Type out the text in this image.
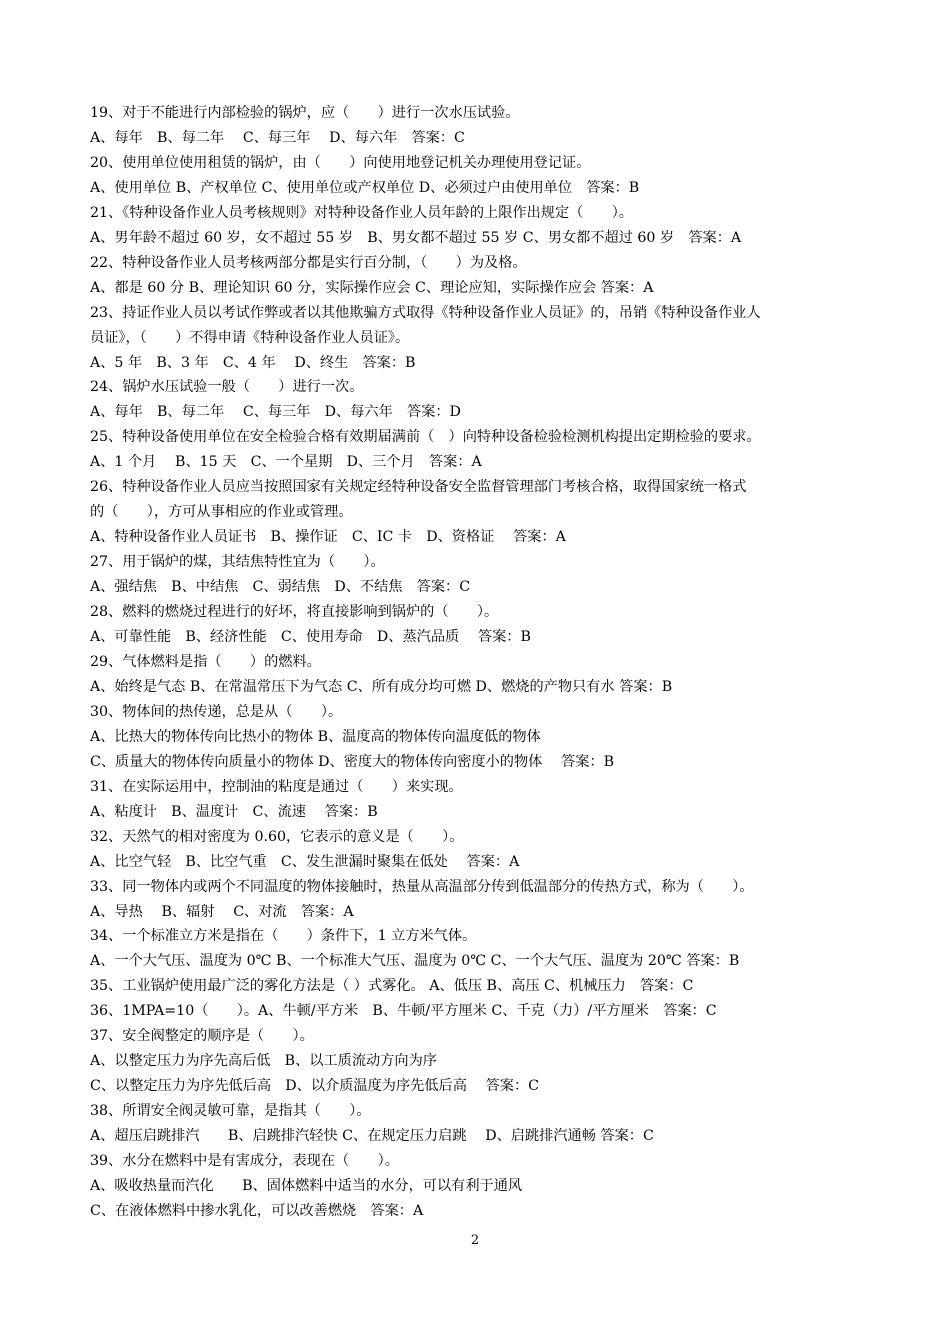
19、对于不能进行内部检验的锅炉，应（　　）进行一次水压试验。
A、每年　B、每二年　 C、每三年　 D、每六年　答案：C
20、使用单位使用租赁的锅炉，由（　　）向使用地登记机关办理使用登记证。
A、使用单位 B、产权单位 C、使用单位或产权单位 D、必须过户由使用单位　答案：B
21、《特种设备作业人员考核规则》对特种设备作业人员年龄的上限作出规定（　　）。
A、男年龄不超过 60 岁，女不超过 55 岁　B、男女都不超过 55 岁 C、男女都不超过 60 岁　答案：A
22、特种设备作业人员考核两部分都是实行百分制，（　　）为及格。
A、都是 60 分 B、理论知识 60 分，实际操作应会 C、理论应知，实际操作应会 答案：A
23、持证作业人员以考试作弊或者以其他欺骗方式取得《特种设备作业人员证》的，吊销《特种设备作业人
员证》，（　　）不得申请《特种设备作业人员证》。
A、5 年　B、3 年　C、4 年　 D、终生　答案：B
24、锅炉水压试验一般（　　）进行一次。
A、每年　B、每二年　 C、每三年　D、每六年　答案：D
25、特种设备使用单位在安全检验合格有效期届满前（　）向特种设备检验检测机构提出定期检验的要求。
A、1 个月　 B、15 天　C、一个星期　D、三个月　答案：A
26、特种设备作业人员应当按照国家有关规定经特种设备安全监督管理部门考核合格，取得国家统一格式
的（　　），方可从事相应的作业或管理。
A、特种设备作业人员证书　B、操作证　C、IC 卡　D、资格证　 答案：A
27、用于锅炉的煤，其结焦特性宜为（　　）。
A、强结焦　B、中结焦　C、弱结焦　D、不结焦　答案：C
28、燃料的燃烧过程进行的好坏，将直接影响到锅炉的（　　）。
A、可靠性能　B、经济性能　C、使用寿命　D、蒸汽品质　 答案：B
29、气体燃料是指（　　）的燃料。
A、始终是气态 B、在常温常压下为气态 C、所有成分均可燃 D、燃烧的产物只有水 答案：B
30、物体间的热传递，总是从（　　）。
A、比热大的物体传向比热小的物体 B、温度高的物体传向温度低的物体
C、质量大的物体传向质量小的物体 D、密度大的物体传向密度小的物体　 答案：B
31、在实际运用中，控制油的粘度是通过（　　）来实现。
A、粘度计　B、温度计　C、流速　 答案：B
32、天然气的相对密度为 0.60，它表示的意义是（　　）。
A、比空气轻　B、比空气重　C、发生泄漏时聚集在低处　 答案：A
33、同一物体内或两个不同温度的物体接触时，热量从高温部分传到低温部分的传热方式，称为（　　）。
A、导热　 B、辐射　 C、对流　答案：A
34、一个标准立方米是指在（　　）条件下，1 立方米气体。
A、一个大气压、温度为 0℃ B、一个标准大气压、温度为 0℃ C、一个大气压、温度为 20℃ 答案：B
35、工业锅炉使用最广泛的雾化方法是（ ）式雾化。 A、低压 B、高压 C、机械压力　答案：C
36、1MPA=10（　　）。A、牛顿/平方米　B、牛顿/平方厘米 C、千克（力）/平方厘米　答案：C
37、安全阀整定的顺序是（　　）。
A、以整定压力为序先高后低　B、以工质流动方向为序
C、以整定压力为序先低后高　D、以介质温度为序先低后高　 答案：C
38、所谓安全阀灵敏可靠，是指其（　　）。
A、超压启跳排汽　　B、启跳排汽轻快 C、在规定压力启跳　 D、启跳排汽通畅 答案：C
39、水分在燃料中是有害成分，表现在（　　）。
A、吸收热量而汽化　　B、固体燃料中适当的水分，可以有利于通风
C、在液体燃料中掺水乳化，可以改善燃烧　答案：A
2
